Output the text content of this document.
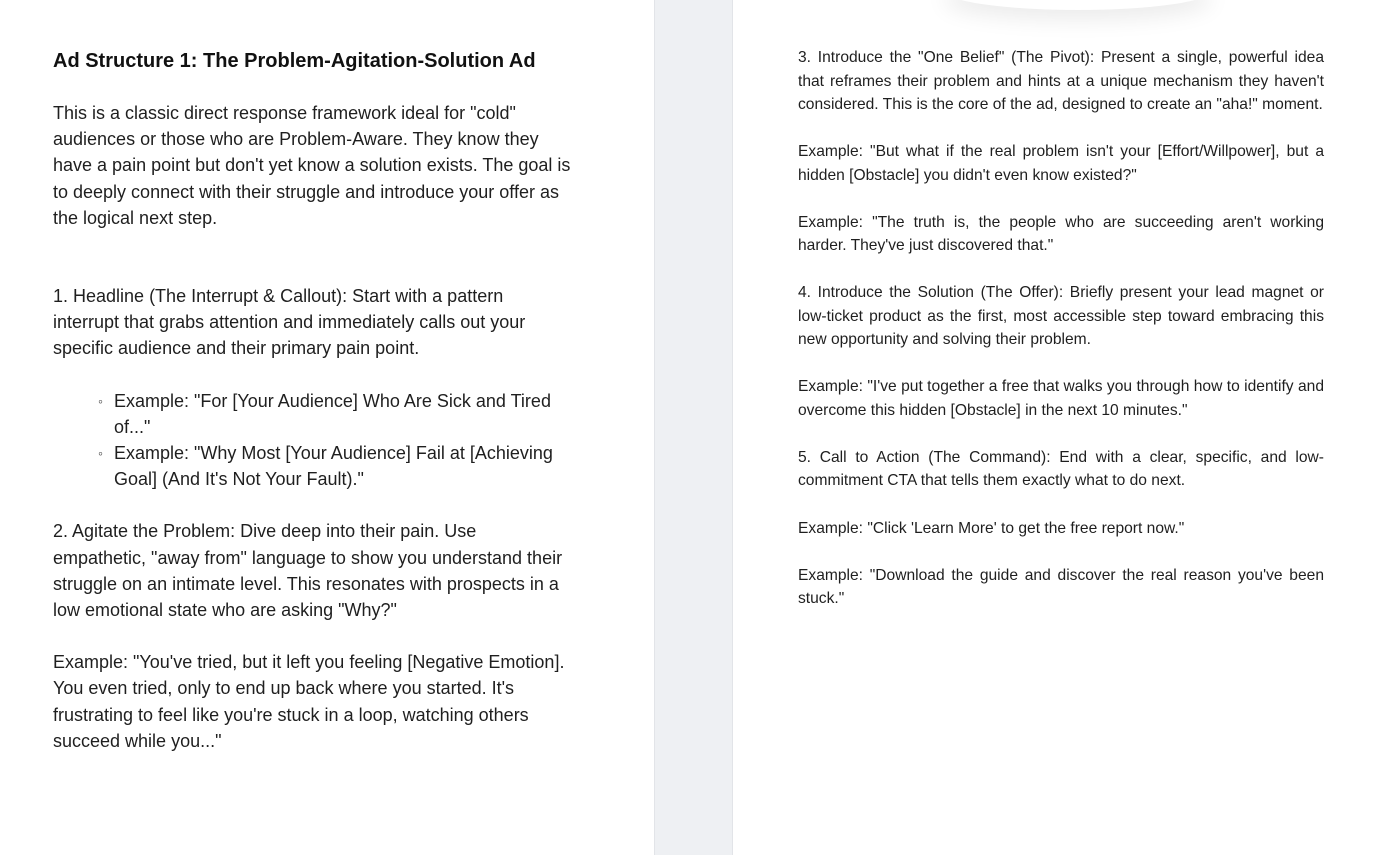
Ad Structure 1: The Problem-Agitation-Solution Ad

This is a classic direct response framework ideal for "cold" audiences or those who are Problem-Aware. They know they have a pain point but don't yet know a solution exists. The goal is to deeply connect with their struggle and introduce your offer as the logical next step.

1. Headline (The Interrupt & Callout): Start with a pattern interrupt that grabs attention and immediately calls out your specific audience and their primary pain point.

◦ Example: "For [Your Audience] Who Are Sick and Tired of..."
◦ Example: "Why Most [Your Audience] Fail at [Achieving Goal] (And It's Not Your Fault)."

2. Agitate the Problem: Dive deep into their pain. Use empathetic, "away from" language to show you understand their struggle on an intimate level. This resonates with prospects in a low emotional state who are asking "Why?"

Example: "You've tried, but it left you feeling [Negative Emotion]. You even tried, only to end up back where you started. It's frustrating to feel like you're stuck in a loop, watching others succeed while you..."

3. Introduce the "One Belief" (The Pivot): Present a single, powerful idea that reframes their problem and hints at a unique mechanism they haven't considered. This is the core of the ad, designed to create an "aha!" moment.

Example: "But what if the real problem isn't your [Effort/Willpower], but a hidden [Obstacle] you didn't even know existed?"

Example: "The truth is, the people who are succeeding aren't working harder. They've just discovered that."

4. Introduce the Solution (The Offer): Briefly present your lead magnet or low-ticket product as the first, most accessible step toward embracing this new opportunity and solving their problem.

Example: "I've put together a free that walks you through how to identify and overcome this hidden [Obstacle] in the next 10 minutes."

5. Call to Action (The Command): End with a clear, specific, and low-commitment CTA that tells them exactly what to do next.

Example: "Click 'Learn More' to get the free report now."

Example: "Download the guide and discover the real reason you've been stuck."
